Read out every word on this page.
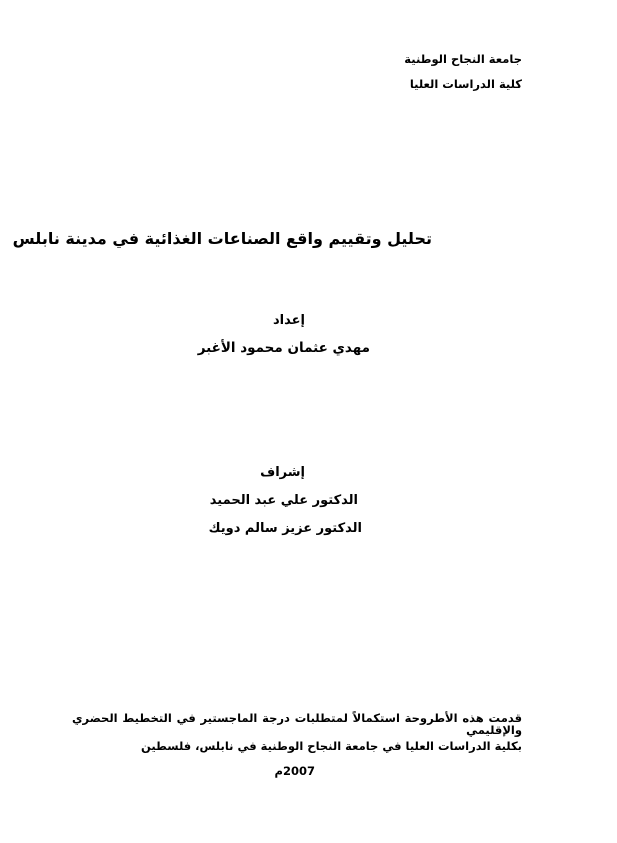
جامعة النجاح الوطنية
كلية الدراسات العليا
تحليل وتقييم واقع الصناعات الغذائية في مدينة نابلس
إعداد
مهدي عثمان محمود الأغبر
إشراف
الدكتور علي عبد الحميد
الدكتور عزيز سالم دويك
قدمت هذه الأطروحة استكمالاً لمتطلبات درجة الماجستير في التخطيط الحضري والإقليمي
بكلية الدراسات العليا في جامعة النجاح الوطنية في نابلس، فلسطين
2007م
